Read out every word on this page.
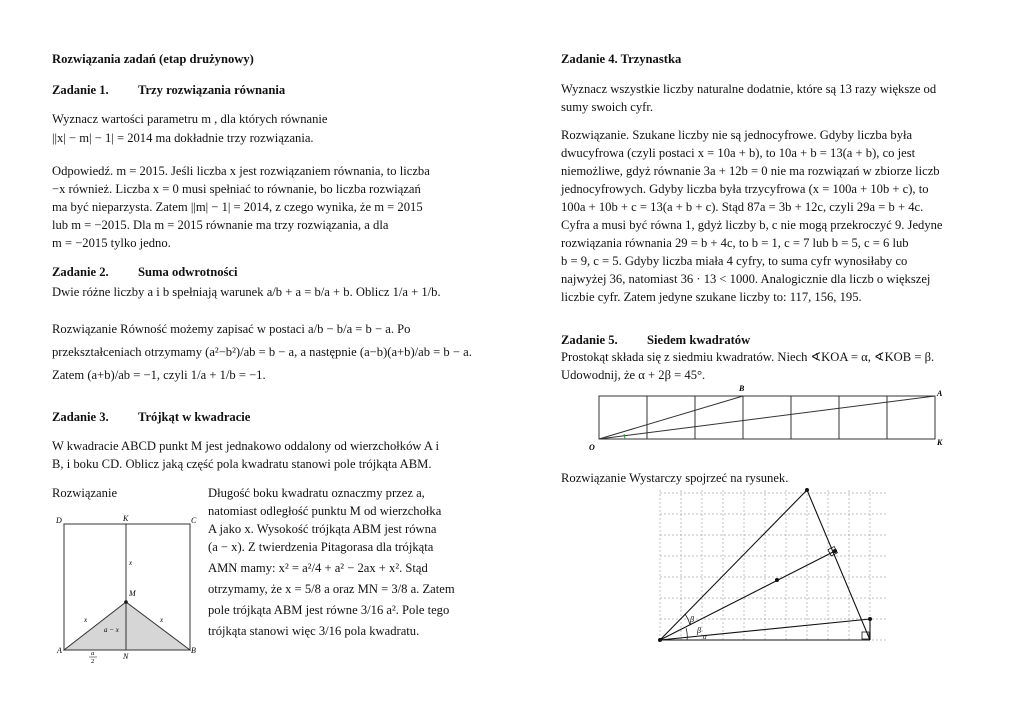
Rozwiązania zadań (etap drużynowy)
Zadanie 1. Trzy rozwiązania równania
Wyznacz wartości parametru m , dla których równanie
||x| − m| − 1| = 2014 ma dokładnie trzy rozwiązania.
Odpowiedź. m = 2015. Jeśli liczba x jest rozwiązaniem równania, to liczba
−x również. Liczba x = 0 musi spełniać to równanie, bo liczba rozwiązań
ma być nieparzysta. Zatem ||m| − 1| = 2014, z czego wynika, że m = 2015
lub m = −2015. Dla m = 2015 równanie ma trzy rozwiązania, a dla
m = −2015 tylko jedno.
Zadanie 2. Suma odwrotności
Dwie różne liczby a i b spełniają warunek a/b + a = b/a + b. Oblicz 1/a + 1/b.
Rozwiązanie Równość możemy zapisać w postaci a/b − b/a = b − a. Po
przekształceniach otrzymamy (a²−b²)/ab = b − a, a następnie (a−b)(a+b)/ab = b − a.
Zatem (a+b)/ab = −1, czyli 1/a + 1/b = −1.
Zadanie 3. Trójkąt w kwadracie
W kwadracie ABCD punkt M jest jednakowo oddalony od wierzchołków A i
B, i boku CD. Oblicz jaką część pola kwadratu stanowi pole trójkąta ABM.
Rozwiązanie	Długość boku kwadratu oznaczmy przez a,
natomiast odległość punktu M od wierzchołka
A jako x. Wysokość trójkąta ABM jest równa
(a − x). Z twierdzenia Pitagorasa dla trójkąta
AMN mamy: x² = a²/4 + a² − 2ax + x². Stąd
otrzymamy, że x = 5/8 a oraz MN = 3/8 a. Zatem
pole trójkąta ABM jest równe 3/16 a². Pole tego
trójkąta stanowi więc 3/16 pola kwadratu.
D	K	C
M
A
N
B
x
x	x
a − x
a
2
Zadanie 4. Trzynastka
Wyznacz wszystkie liczby naturalne dodatnie, które są 13 razy większe od
sumy swoich cyfr.
Rozwiązanie. Szukane liczby nie są jednocyfrowe. Gdyby liczba była
dwucyfrowa (czyli postaci x = 10a + b), to 10a + b = 13(a + b), co jest
niemożliwe, gdyż równanie 3a + 12b = 0 nie ma rozwiązań w zbiorze liczb
jednocyfrowych. Gdyby liczba była trzycyfrowa (x = 100a + 10b + c), to
100a + 10b + c = 13(a + b + c). Stąd 87a = 3b + 12c, czyli 29a = b + 4c.
Cyfra a musi być równa 1, gdyż liczby b, c nie mogą przekroczyć 9. Jedyne
rozwiązania równania 29 = b + 4c, to b = 1, c = 7 lub b = 5, c = 6 lub
b = 9, c = 5. Gdyby liczba miała 4 cyfry, to suma cyfr wynosiłaby co
najwyżej 36, natomiast 36 · 13 < 1000. Analogicznie dla liczb o większej
liczbie cyfr. Zatem jedyne szukane liczby to: 117, 156, 195.
Zadanie 5. Siedem kwadratów
Prostokąt składa się z siedmiu kwadratów. Niech ∢KOA = α, ∢KOB = β.
Udowodnij, że α + 2β = 45°.
B
A
O
K
Rozwiązanie Wystarczy spojrzeć na rysunek.
β
β
α
